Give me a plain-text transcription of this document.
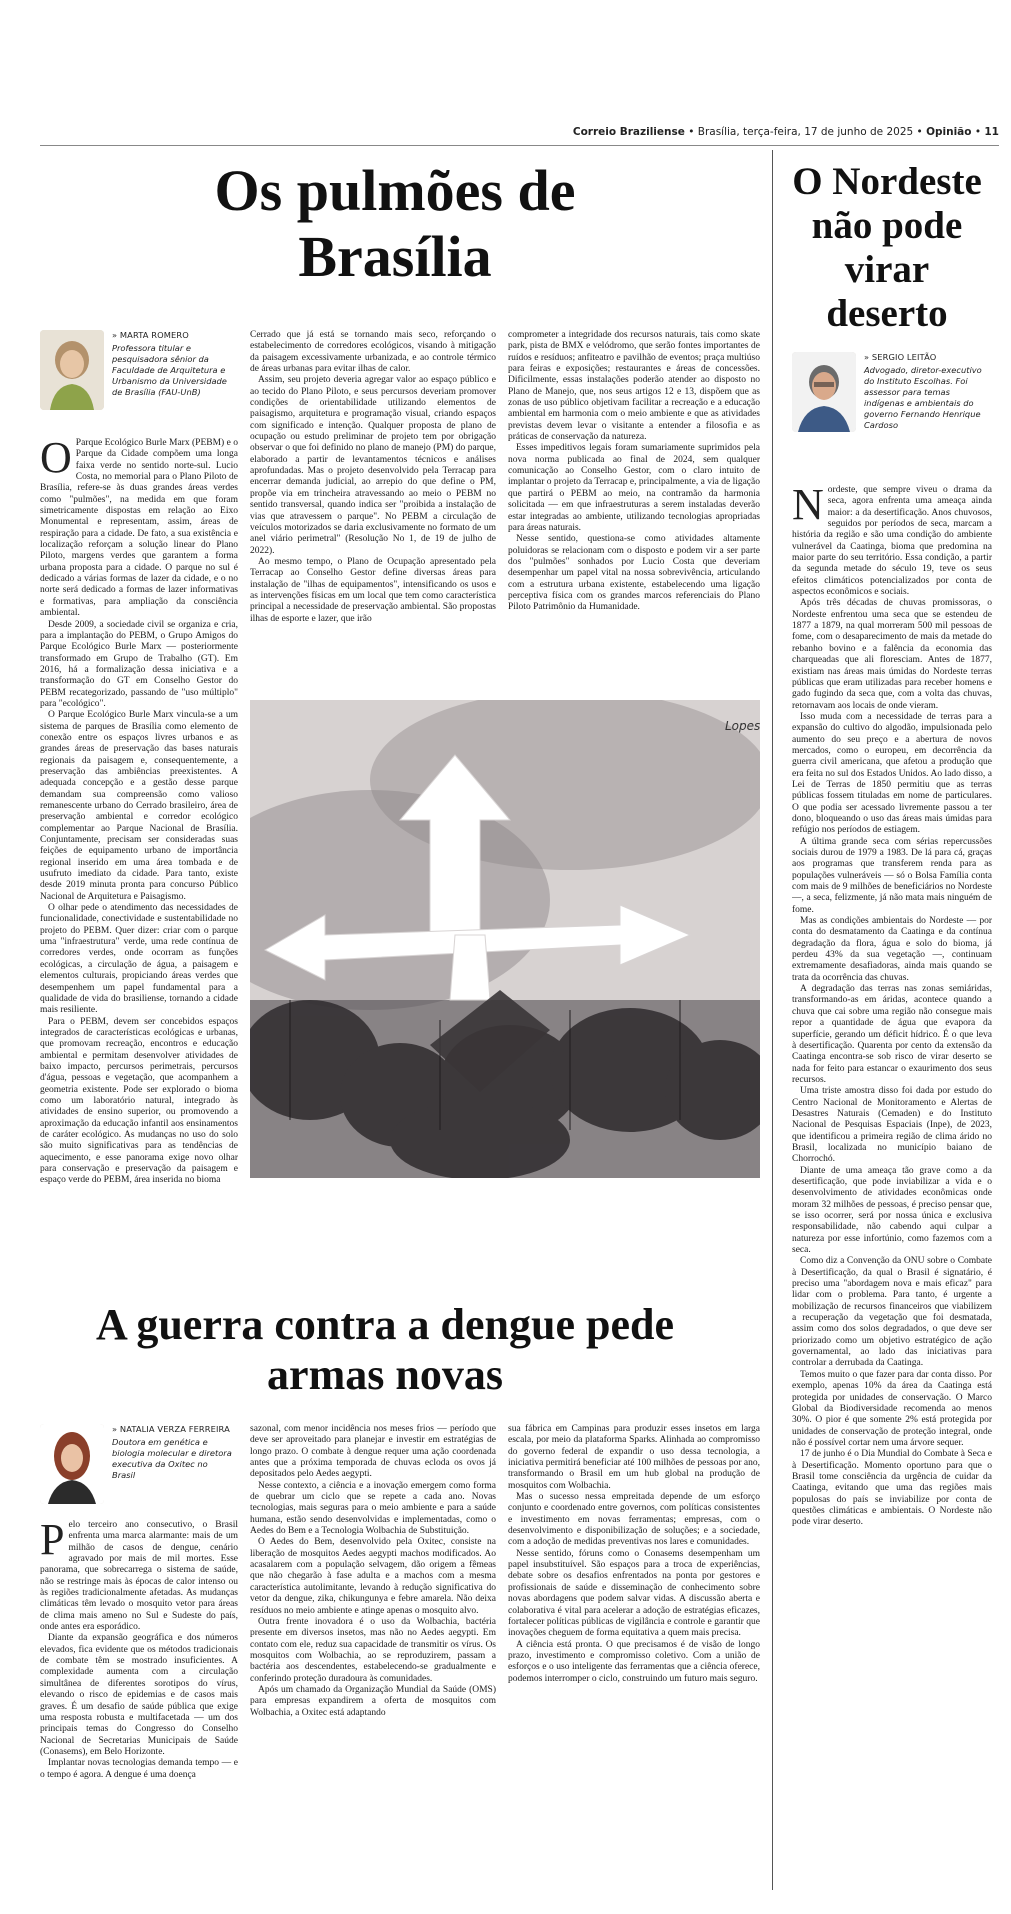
Correio Braziliense • Brasília, terça-feira, 17 de junho de 2025 • Opinião • 11
Os pulmões de Brasília
» MARTA ROMERO
Professora titular e pesquisadora sênior da Faculdade de Arquitetura e Urbanismo da Universidade de Brasília (FAU-UnB)

O Parque Ecológico Burle Marx (PEBM) e o Parque da Cidade compõem uma longa faixa verde no sentido norte-sul. Lucio Costa, no memorial para o Plano Piloto de Brasília, refere-se às duas grandes áreas verdes como "pulmões", na medida em que foram simetricamente dispostas em relação ao Eixo Monumental e representam, assim, áreas de respiração para a cidade. De fato, a sua existência e localização reforçam a solução linear do Plano Piloto, margens verdes que garantem a forma urbana proposta para a cidade. O parque no sul é dedicado a várias formas de lazer da cidade, e o no norte será dedicado a formas de lazer informativas e formativas, para ampliação da consciência ambiental.

Desde 2009, a sociedade civil se organiza e cria, para a implantação do PEBM, o Grupo Amigos do Parque Ecológico Burle Marx — posteriormente transformado em Grupo de Trabalho (GT). Em 2016, há a formalização dessa iniciativa e a transformação do GT em Conselho Gestor do PEBM recategorizado, passando de "uso múltiplo" para "ecológico".

O Parque Ecológico Burle Marx vincula-se a um sistema de parques de Brasília como elemento de conexão entre os espaços livres urbanos e as grandes áreas de preservação das bases naturais regionais da paisagem e, consequentemente, a preservação das ambiências preexistentes. A adequada concepção e a gestão desse parque demandam sua compreensão como valioso remanescente urbano do Cerrado brasileiro, área de preservação ambiental e corredor ecológico complementar ao Parque Nacional de Brasília. Conjuntamente, precisam ser consideradas suas feições de equipamento urbano de importância regional inserido em uma área tombada e de usufruto imediato da cidade. Para tanto, existe desde 2019 minuta pronta para concurso Público Nacional de Arquitetura e Paisagismo.

O olhar pede o atendimento das necessidades de funcionalidade, conectividade e sustentabilidade no projeto do PEBM. Quer dizer: criar com o parque uma "infraestrutura" verde, uma rede contínua de corredores verdes, onde ocorram as funções ecológicas, a circulação de água, a paisagem e elementos culturais, propiciando áreas verdes que desempenhem um papel fundamental para a qualidade de vida do brasiliense, tornando a cidade mais resiliente.

Para o PEBM, devem ser concebidos espaços integrados de características ecológicas e urbanas, que promovam recreação, encontros e educação ambiental e permitam desenvolver atividades de baixo impacto, percursos perimetrais, percursos d'água, pessoas e vegetação, que acompanhem a geometria existente. Pode ser explorado o bioma como um laboratório natural, integrado às atividades de ensino superior, ou promovendo a aproximação da educação infantil aos ensinamentos de caráter ecológico. As mudanças no uso do solo são muito significativas para as tendências de aquecimento, e esse panorama exige novo olhar para conservação e preservação da paisagem e espaço verde do PEBM, área inserida no bioma

Cerrado que já está se tornando mais seco, reforçando o estabelecimento de corredores ecológicos, visando à mitigação da paisagem excessivamente urbanizada, e ao controle térmico de áreas urbanas para evitar ilhas de calor.

Assim, seu projeto deveria agregar valor ao espaço público e ao tecido do Plano Piloto, e seus percursos deveriam promover condições de orientabilidade utilizando elementos de paisagismo, arquitetura e programação visual, criando espaços com significado e intenção. Qualquer proposta de plano de ocupação ou estudo preliminar de projeto tem por obrigação observar o que foi definido no plano de manejo (PM) do parque, elaborado a partir de levantamentos técnicos e análises aprofundadas. Mas o projeto desenvolvido pela Terracap para encerrar demanda judicial, ao arrepio do que define o PM, propõe via em trincheira atravessando ao meio o PEBM no sentido transversal, quando indica ser "proibida a instalação de vias que atravessem o parque". No PEBM a circulação de veículos motorizados se daria exclusivamente no formato de um anel viário perimetral" (Resolução No 1, de 19 de julho de 2022).

Ao mesmo tempo, o Plano de Ocupação apresentado pela Terracap ao Conselho Gestor define diversas áreas para instalação de "ilhas de equipamentos", intensificando os usos e as intervenções físicas em um local que tem como característica principal a necessidade de preservação ambiental. São propostas ilhas de esporte e lazer, que irão

comprometer a integridade dos recursos naturais, tais como skate park, pista de BMX e velódromo, que serão fontes importantes de ruídos e resíduos; anfiteatro e pavilhão de eventos; praça multiúso para feiras e exposições; restaurantes e áreas de concessões. Dificilmente, essas instalações poderão atender ao disposto no Plano de Manejo, que, nos seus artigos 12 e 13, dispõem que as zonas de uso público objetivam facilitar a recreação e a educação ambiental em harmonia com o meio ambiente e que as atividades previstas devem levar o visitante a entender a filosofia e as práticas de conservação da natureza.

Esses impeditivos legais foram sumariamente suprimidos pela nova norma publicada ao final de 2024, sem qualquer comunicação ao Conselho Gestor, com o claro intuito de implantar o projeto da Terracap e, principalmente, a via de ligação que partirá o PEBM ao meio, na contramão da harmonia solicitada — em que infraestruturas a serem instaladas deverão estar integradas ao ambiente, utilizando tecnologias apropriadas para áreas naturais.

Nesse sentido, questiona-se como atividades altamente poluidoras se relacionam com o disposto e podem vir a ser parte dos "pulmões" sonhados por Lucio Costa que deveriam desempenhar um papel vital na nossa sobrevivência, articulando com a estrutura urbana existente, estabelecendo uma ligação perceptiva física com os grandes marcos referenciais do Plano Piloto Patrimônio da Humanidade.

Lopes
A guerra contra a dengue pede armas novas
» NATALIA VERZA FERREIRA
Doutora em genética e biologia molecular e diretora executiva da Oxitec no Brasil

Pelo terceiro ano consecutivo, o Brasil enfrenta uma marca alarmante: mais de um milhão de casos de dengue, cenário agravado por mais de mil mortes. Esse panorama, que sobrecarrega o sistema de saúde, não se restringe mais às épocas de calor intenso ou às regiões tradicionalmente afetadas. As mudanças climáticas têm levado o mosquito vetor para áreas de clima mais ameno no Sul e Sudeste do país, onde antes era esporádico.

Diante da expansão geográfica e dos números elevados, fica evidente que os métodos tradicionais de combate têm se mostrado insuficientes. A complexidade aumenta com a circulação simultânea de diferentes sorotipos do vírus, elevando o risco de epidemias e de casos mais graves. É um desafio de saúde pública que exige uma resposta robusta e multifacetada — um dos principais temas do Congresso do Conselho Nacional de Secretarias Municipais de Saúde (Conasems), em Belo Horizonte.

Implantar novas tecnologias demanda tempo — e o tempo é agora. A dengue é uma doença

sazonal, com menor incidência nos meses frios — período que deve ser aproveitado para planejar e investir em estratégias de longo prazo. O combate à dengue requer uma ação coordenada antes que a próxima temporada de chuvas ecloda os ovos já depositados pelo Aedes aegypti.

Nesse contexto, a ciência e a inovação emergem como forma de quebrar um ciclo que se repete a cada ano. Novas tecnologias, mais seguras para o meio ambiente e para a saúde humana, estão sendo desenvolvidas e implementadas, como o Aedes do Bem e a Tecnologia Wolbachia de Substituição.

O Aedes do Bem, desenvolvido pela Oxitec, consiste na liberação de mosquitos Aedes aegypti machos modificados. Ao acasalarem com a população selvagem, dão origem a fêmeas que não chegarão à fase adulta e a machos com a mesma característica autolimitante, levando à redução significativa do vetor da dengue, zika, chikungunya e febre amarela. Não deixa resíduos no meio ambiente e atinge apenas o mosquito alvo.

Outra frente inovadora é o uso da Wolbachia, bactéria presente em diversos insetos, mas não no Aedes aegypti. Em contato com ele, reduz sua capacidade de transmitir os vírus. Os mosquitos com Wolbachia, ao se reproduzirem, passam a bactéria aos descendentes, estabelecendo-se gradualmente e conferindo proteção duradoura às comunidades.

Após um chamado da Organização Mundial da Saúde (OMS) para empresas expandirem a oferta de mosquitos com Wolbachia, a Oxitec está adaptando

sua fábrica em Campinas para produzir esses insetos em larga escala, por meio da plataforma Sparks. Alinhada ao compromisso do governo federal de expandir o uso dessa tecnologia, a iniciativa permitirá beneficiar até 100 milhões de pessoas por ano, transformando o Brasil em um hub global na produção de mosquitos com Wolbachia.

Mas o sucesso nessa empreitada depende de um esforço conjunto e coordenado entre governos, com políticas consistentes e investimento em novas ferramentas; empresas, com o desenvolvimento e disponibilização de soluções; e a sociedade, com a adoção de medidas preventivas nos lares e comunidades.

Nesse sentido, fóruns como o Conasems desempenham um papel insubstituível. São espaços para a troca de experiências, debate sobre os desafios enfrentados na ponta por gestores e profissionais de saúde e disseminação de conhecimento sobre novas abordagens que podem salvar vidas. A discussão aberta e colaborativa é vital para acelerar a adoção de estratégias eficazes, fortalecer políticas públicas de vigilância e controle e garantir que inovações cheguem de forma equitativa a quem mais precisa.

A ciência está pronta. O que precisamos é de visão de longo prazo, investimento e compromisso coletivo. Com a união de esforços e o uso inteligente das ferramentas que a ciência oferece, podemos interromper o ciclo, construindo um futuro mais seguro.

O Nordeste não pode virar deserto
» SERGIO LEITÃO
Advogado, diretor-executivo do Instituto Escolhas. Foi assessor para temas indígenas e ambientais do governo Fernando Henrique Cardoso

Nordeste, que sempre viveu o drama da seca, agora enfrenta uma ameaça ainda maior: a da desertificação. Anos chuvosos, seguidos por períodos de seca, marcam a história da região e são uma condição do ambiente vulnerável da Caatinga, bioma que predomina na maior parte do seu território. Essa condição, a partir da segunda metade do século 19, teve os seus efeitos climáticos potencializados por conta de aspectos econômicos e sociais.

Após três décadas de chuvas promissoras, o Nordeste enfrentou uma seca que se estendeu de 1877 a 1879, na qual morreram 500 mil pessoas de fome, com o desaparecimento de mais da metade do rebanho bovino e a falência da economia das charqueadas que ali floresciam. Antes de 1877, existiam nas áreas mais úmidas do Nordeste terras públicas que eram utilizadas para receber homens e gado fugindo da seca que, com a volta das chuvas, retornavam aos locais de onde vieram.

Isso muda com a necessidade de terras para a expansão do cultivo do algodão, impulsionada pelo aumento do seu preço e a abertura de novos mercados, como o europeu, em decorrência da guerra civil americana, que afetou a produção que era feita no sul dos Estados Unidos. Ao lado disso, a Lei de Terras de 1850 permitiu que as terras públicas fossem tituladas em nome de particulares. O que podia ser acessado livremente passou a ter dono, bloqueando o uso das áreas mais úmidas para refúgio nos períodos de estiagem.

A última grande seca com sérias repercussões sociais durou de 1979 a 1983. De lá para cá, graças aos programas que transferem renda para as populações vulneráveis — só o Bolsa Família conta com mais de 9 milhões de beneficiários no Nordeste —, a seca, felizmente, já não mata mais ninguém de fome.

Mas as condições ambientais do Nordeste — por conta do desmatamento da Caatinga e da contínua degradação da flora, água e solo do bioma, já perdeu 43% da sua vegetação —, continuam extremamente desafiadoras, ainda mais quando se trata da ocorrência das chuvas.

A degradação das terras nas zonas semiáridas, transformando-as em áridas, acontece quando a chuva que cai sobre uma região não consegue mais repor a quantidade de água que evapora da superfície, gerando um déficit hídrico. É o que leva à desertificação. Quarenta por cento da extensão da Caatinga encontra-se sob risco de virar deserto se nada for feito para estancar o exaurimento dos seus recursos.

Uma triste amostra disso foi dada por estudo do Centro Nacional de Monitoramento e Alertas de Desastres Naturais (Cemaden) e do Instituto Nacional de Pesquisas Espaciais (Inpe), de 2023, que identificou a primeira região de clima árido no Brasil, localizada no município baiano de Chorrochó.

Diante de uma ameaça tão grave como a da desertificação, que pode inviabilizar a vida e o desenvolvimento de atividades econômicas onde moram 32 milhões de pessoas, é preciso pensar que, se isso ocorrer, será por nossa única e exclusiva responsabilidade, não cabendo aqui culpar a natureza por esse infortúnio, como fazemos com a seca.

Como diz a Convenção da ONU sobre o Combate à Desertificação, da qual o Brasil é signatário, é preciso uma "abordagem nova e mais eficaz" para lidar com o problema. Para tanto, é urgente a mobilização de recursos financeiros que viabilizem a recuperação da vegetação que foi desmatada, assim como dos solos degradados, o que deve ser priorizado como um objetivo estratégico de ação governamental, ao lado das iniciativas para controlar a derrubada da Caatinga.

Temos muito o que fazer para dar conta disso. Por exemplo, apenas 10% da área da Caatinga está protegida por unidades de conservação. O Marco Global da Biodiversidade recomenda ao menos 30%. O pior é que somente 2% está protegida por unidades de conservação de proteção integral, onde não é possível cortar nem uma árvore sequer.

17 de junho é o Dia Mundial do Combate à Seca e à Desertificação. Momento oportuno para que o Brasil tome consciência da urgência de cuidar da Caatinga, evitando que uma das regiões mais populosas do país se inviabilize por conta de questões climáticas e ambientais. O Nordeste não pode virar deserto.
